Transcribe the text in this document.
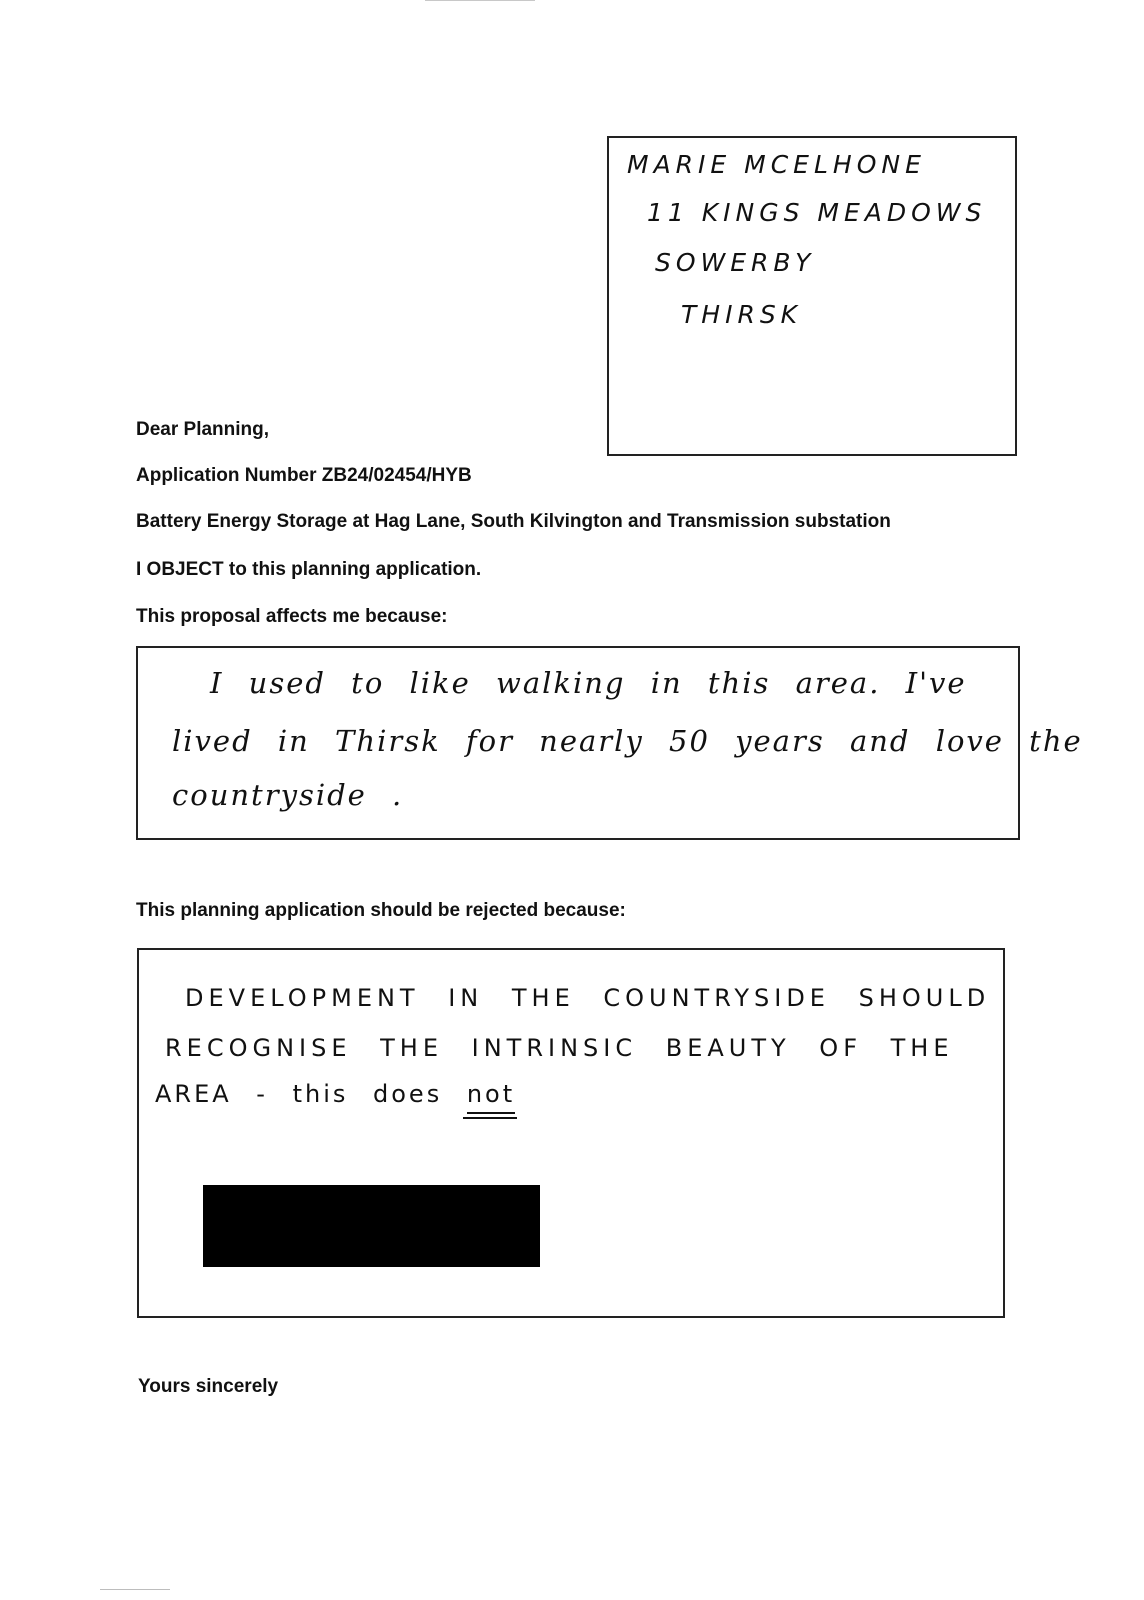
MARIE MCELHONE
11 KINGS MEADOWS
SOWERBY
THIRSK
Dear Planning,
Application Number ZB24/02454/HYB
Battery Energy Storage at Hag Lane, South Kilvington and Transmission substation
I OBJECT to this planning application.
This proposal affects me because:
I used to like walking in this area. I've
lived in Thirsk for nearly 50 years and love the
countryside .
This planning application should be rejected because:
DEVELOPMENT IN THE COUNTRYSIDE SHOULD
RECOGNISE THE INTRINSIC BEAUTY OF THE
AREA - this does not
Yours sincerely
